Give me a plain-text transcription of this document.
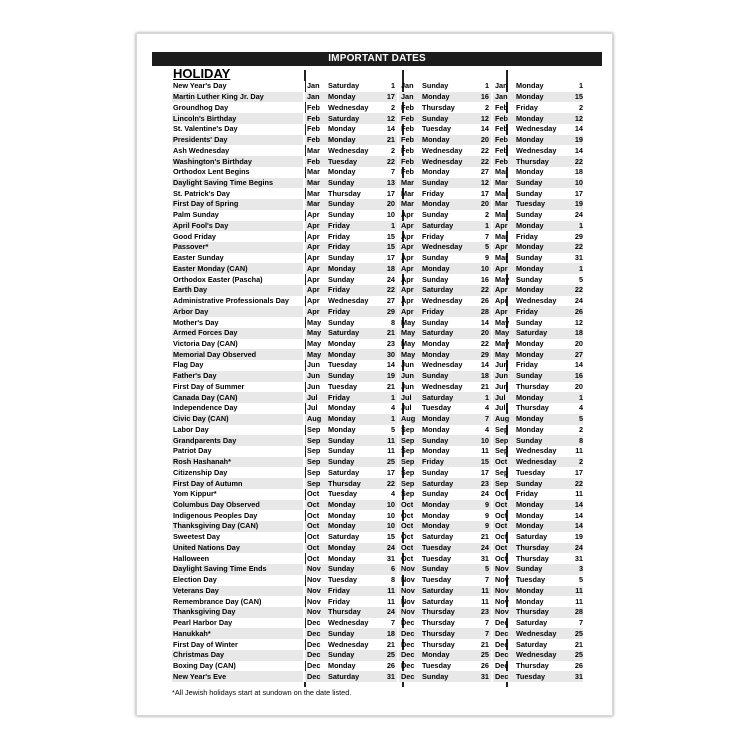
IMPORTANT DATES
HOLIDAY
New Year's Day		Jan	Saturday	1		Jan	Sunday	1		Jan	Monday	1
Martin Luther King Jr. Day		Jan	Monday	17		Jan	Monday	16		Jan	Monday	15
Groundhog Day		Feb	Wednesday	2		Feb	Thursday	2		Feb	Friday	2
Lincoln's Birthday		Feb	Saturday	12		Feb	Sunday	12		Feb	Monday	12
St. Valentine's Day		Feb	Monday	14		Feb	Tuesday	14		Feb	Wednesday	14
Presidents' Day		Feb	Monday	21		Feb	Monday	20		Feb	Monday	19
Ash Wednesday		Mar	Wednesday	2		Feb	Wednesday	22		Feb	Wednesday	14
Washington's Birthday		Feb	Tuesday	22		Feb	Wednesday	22		Feb	Thursday	22
Orthodox Lent Begins		Mar	Monday	7		Feb	Monday	27		Mar	Monday	18
Daylight Saving Time Begins		Mar	Sunday	13		Mar	Sunday	12		Mar	Sunday	10
St. Patrick's Day		Mar	Thursday	17		Mar	Friday	17		Mar	Sunday	17
First Day of Spring		Mar	Sunday	20		Mar	Monday	20		Mar	Tuesday	19
Palm Sunday		Apr	Sunday	10		Apr	Sunday	2		Mar	Sunday	24
April Fool's Day		Apr	Friday	1		Apr	Saturday	1		Apr	Monday	1
Good Friday		Apr	Friday	15		Apr	Friday	7		Mar	Friday	29
Passover*		Apr	Friday	15		Apr	Wednesday	5		Apr	Monday	22
Easter Sunday		Apr	Sunday	17		Apr	Sunday	9		Mar	Sunday	31
Easter Monday (CAN)		Apr	Monday	18		Apr	Monday	10		Apr	Monday	1
Orthodox Easter (Pascha)		Apr	Sunday	24		Apr	Sunday	16		May	Sunday	5
Earth Day		Apr	Friday	22		Apr	Saturday	22		Apr	Monday	22
Administrative Professionals Day		Apr	Wednesday	27		Apr	Wednesday	26		Apr	Wednesday	24
Arbor Day		Apr	Friday	29		Apr	Friday	28		Apr	Friday	26
Mother's Day		May	Sunday	8		May	Sunday	14		May	Sunday	12
Armed Forces Day		May	Saturday	21		May	Saturday	20		May	Saturday	18
Victoria Day (CAN)		May	Monday	23		May	Monday	22		May	Monday	20
Memorial Day Observed		May	Monday	30		May	Monday	29		May	Monday	27
Flag Day		Jun	Tuesday	14		Jun	Wednesday	14		Jun	Friday	14
Father's Day		Jun	Sunday	19		Jun	Sunday	18		Jun	Sunday	16
First Day of Summer		Jun	Tuesday	21		Jun	Wednesday	21		Jun	Thursday	20
Canada Day (CAN)		Jul	Friday	1		Jul	Saturday	1		Jul	Monday	1
Independence Day		Jul	Monday	4		Jul	Tuesday	4		Jul	Thursday	4
Civic Day (CAN)		Aug	Monday	1		Aug	Monday	7		Aug	Monday	5
Labor Day		Sep	Monday	5		Sep	Monday	4		Sep	Monday	2
Grandparents Day		Sep	Sunday	11		Sep	Sunday	10		Sep	Sunday	8
Patriot Day		Sep	Sunday	11		Sep	Monday	11		Sep	Wednesday	11
Rosh Hashanah*		Sep	Sunday	25		Sep	Friday	15		Oct	Wednesday	2
Citizenship Day		Sep	Saturday	17		Sep	Sunday	17		Sep	Tuesday	17
First Day of Autumn		Sep	Thursday	22		Sep	Saturday	23		Sep	Sunday	22
Yom Kippur*		Oct	Tuesday	4		Sep	Sunday	24		Oct	Friday	11
Columbus Day Observed		Oct	Monday	10		Oct	Monday	9		Oct	Monday	14
Indigenous Peoples Day		Oct	Monday	10		Oct	Monday	9		Oct	Monday	14
Thanksgiving Day (CAN)		Oct	Monday	10		Oct	Monday	9		Oct	Monday	14
Sweetest Day		Oct	Saturday	15		Oct	Saturday	21		Oct	Saturday	19
United Nations Day		Oct	Monday	24		Oct	Tuesday	24		Oct	Thursday	24
Halloween		Oct	Monday	31		Oct	Tuesday	31		Oct	Thursday	31
Daylight Saving Time Ends		Nov	Sunday	6		Nov	Sunday	5		Nov	Sunday	3
Election Day		Nov	Tuesday	8		Nov	Tuesday	7		Nov	Tuesday	5
Veterans Day		Nov	Friday	11		Nov	Saturday	11		Nov	Monday	11
Remembrance Day (CAN)		Nov	Friday	11		Nov	Saturday	11		Nov	Monday	11
Thanksgiving Day		Nov	Thursday	24		Nov	Thursday	23		Nov	Thursday	28
Pearl Harbor Day		Dec	Wednesday	7		Dec	Thursday	7		Dec	Saturday	7
Hanukkah*		Dec	Sunday	18		Dec	Thursday	7		Dec	Wednesday	25
First Day of Winter		Dec	Wednesday	21		Dec	Thursday	21		Dec	Saturday	21
Christmas Day		Dec	Sunday	25		Dec	Monday	25		Dec	Wednesday	25
Boxing Day (CAN)		Dec	Monday	26		Dec	Tuesday	26		Dec	Thursday	26
New Year's Eve		Dec	Saturday	31		Dec	Sunday	31		Dec	Tuesday	31
*All Jewish holidays start at sundown on the date listed.
